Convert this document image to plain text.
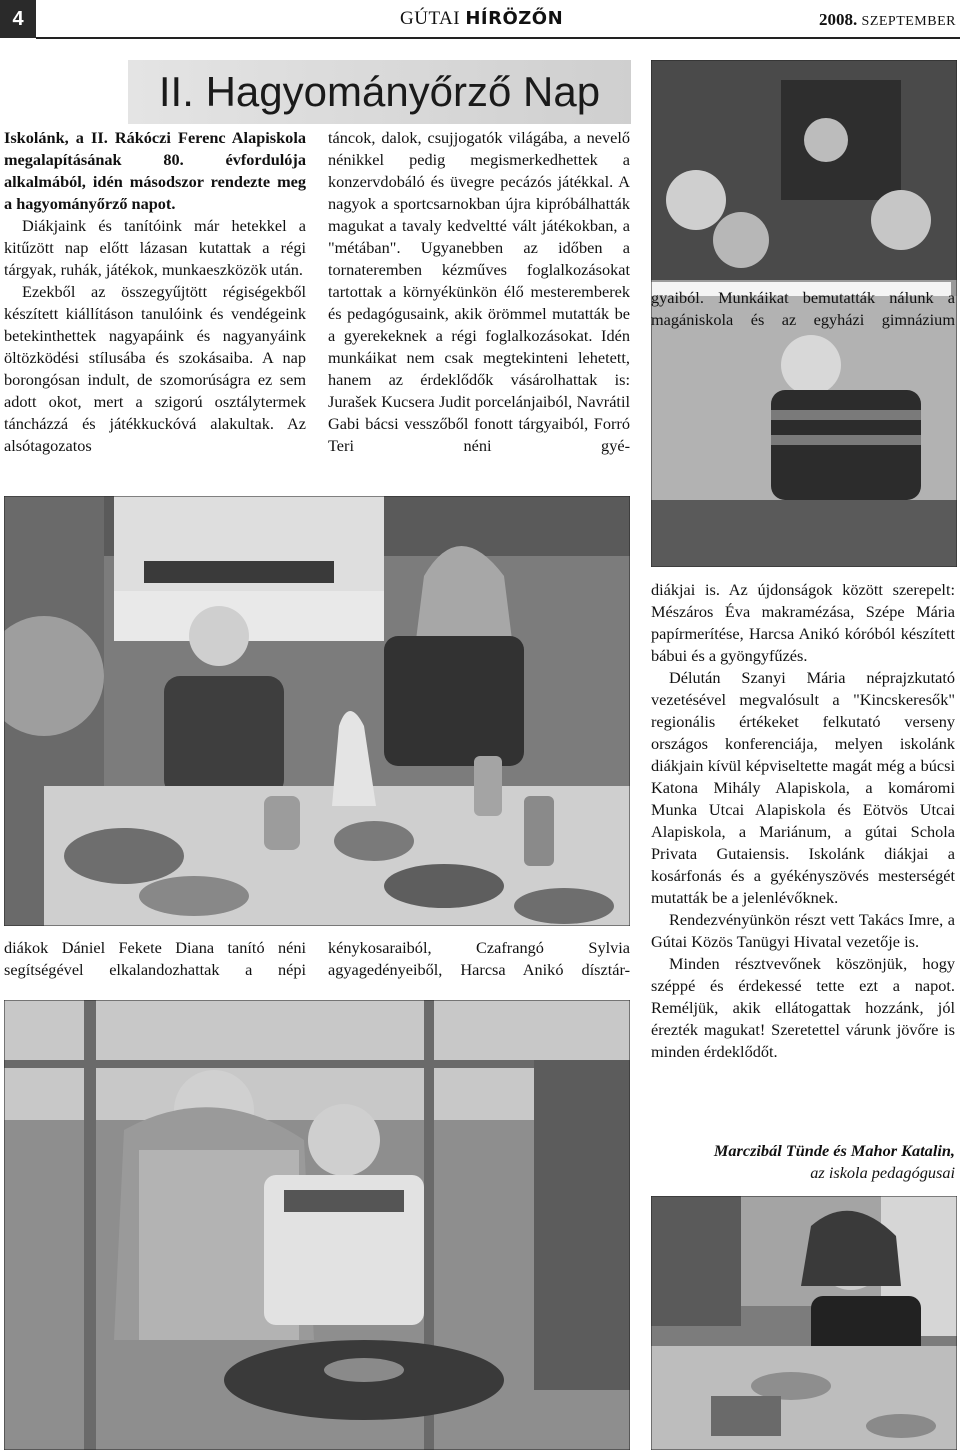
4	GÚTAI HÍRÖZŐN	2008. SZEPTEMBER
II. Hagyományőrző Nap

Iskolánk, a II. Rákóczi Ferenc Alapiskola megalapításának 80. évfordulója alkalmából, idén másodszor rendezte meg a hagyományőrző napot.

Diákjaink és tanítóink már hetekkel a kitűzött nap előtt lázasan kutattak a régi tárgyak, ruhák, játékok, munkaeszközök után.

Ezekből az összegyűjtött régiségekből készített kiállításon tanulóink és vendégeink betekinthettek nagyapáink és nagyanyáink öltözködési stílusába és szokásaiba. A nap borongósan indult, de szomorúságra ez sem adott okot, mert a szigorú osztálytermek táncházzá és játékkuckóvá alakultak. Az alsótagozatos

táncok, dalok, csujjogatók világába, a nevelő nénikkel pedig megismerkedhettek a konzervdobáló és üvegre pecázós játékkal. A nagyok a sportcsarnokban újra kipróbálhatták magukat a tavaly kedveltté vált játékokban, a "métában". Ugyanebben az időben a tornateremben kézműves foglalkozásokat tartottak a környékünkön élő mesteremberek és pedagógusaink, akik örömmel mutatták be a gyerekeknek a régi foglalkozásokat. Idén munkáikat nem csak megtekinteni lehetett, hanem az érdeklődők vásárolhattak is: Jurašek Kucsera Judit porcelánjaiból, Navrátil Gabi bácsi vesszőből fonott tárgyaiból, Forró Teri néni gyé-

diákok Dániel Fekete Diana tanító néni segítségével elkalandozhattak a népi

kénykosaraiból, Czafrangó Sylvia agyagedényeiből, Harcsa Anikó dísztár-

gyaiból. Munkáikat bemutatták nálunk a magániskola és az egyházi gimnázium

diákjai is. Az újdonságok között szerepelt: Mészáros Éva makramézása, Szépe Mária papírmerítése, Harcsa Anikó kóróból készített bábui és a gyöngyfűzés.

Délután Szanyi Mária néprajzkutató vezetésével megvalósult a "Kincskeresők" regionális értékeket felkutató verseny országos konferenciája, melyen iskolánk diákjain kívül képviseltette magát még a búcsi Katona Mihály Alapiskola, a komáromi Munka Utcai Alapiskola és Eötvös Utcai Alapiskola, a Mariánum, a gútai Schola Privata Gutaiensis. Iskolánk diákjai a kosárfonás és a gyékényszövés mesterségét mutatták be a jelenlévőknek.

Rendezvényünkön részt vett Takács Imre, a Gútai Közös Tanügyi Hivatal vezetője is.

Minden résztvevőnek köszönjük, hogy széppé és érdekessé tette ezt a napot. Reméljük, akik ellátogattak hozzánk, jól érezték magukat! Szeretettel várunk jövőre is minden érdeklődőt.

Marczibál Tünde és Mahor Katalin,
az iskola pedagógusai
